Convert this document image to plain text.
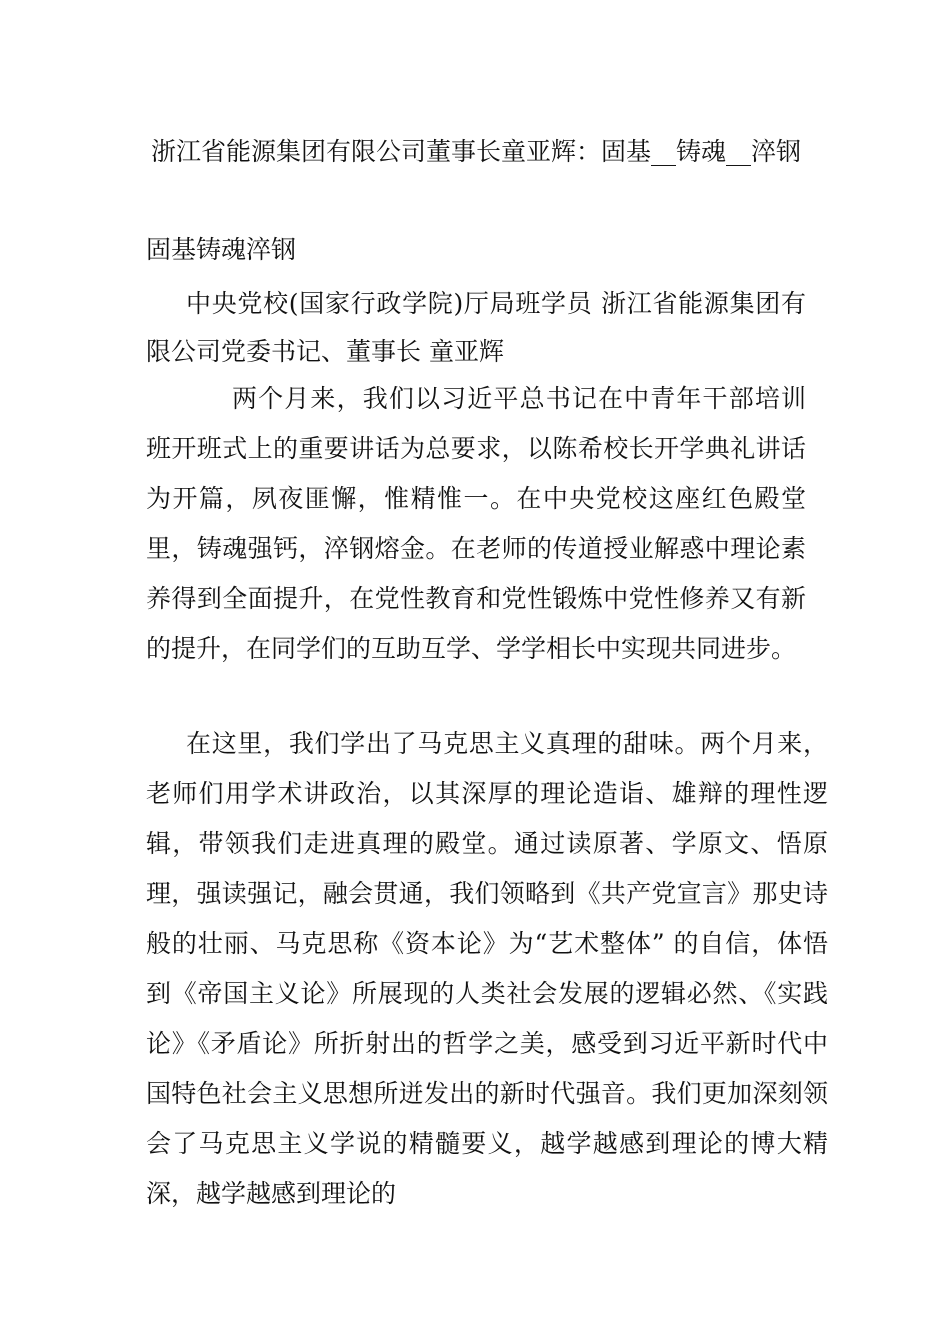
浙江省能源集团有限公司董事长童亚辉：固基__铸魂__淬钢
固基铸魂淬钢

中央党校(国家行政学院)厅局班学员 浙江省能源集团有限公司党委书记、董事长 童亚辉

两个月来，我们以习近平总书记在中青年干部培训班开班式上的重要讲话为总要求，以陈希校长开学典礼讲话为开篇，夙夜匪懈，惟精惟一。在中央党校这座红色殿堂里，铸魂强钙，淬钢熔金。在老师的传道授业解惑中理论素养得到全面提升，在党性教育和党性锻炼中党性修养又有新的提升，在同学们的互助互学、学学相长中实现共同进步。

在这里，我们学出了马克思主义真理的甜味。两个月来，老师们用学术讲政治，以其深厚的理论造诣、雄辩的理性逻辑，带领我们走进真理的殿堂。通过读原著、学原文、悟原理，强读强记，融会贯通，我们领略到《共产党宣言》那史诗般的壮丽、马克思称《资本论》为“艺术整体” 的自信，体悟到《帝国主义论》所展现的人类社会发展的逻辑必然、《实践论》《矛盾论》所折射出的哲学之美，感受到习近平新时代中国特色社会主义思想所迸发出的新时代强音。我们更加深刻领会了马克思主义学说的精髓要义，越学越感到理论的博大精深，越学越感到理论的
